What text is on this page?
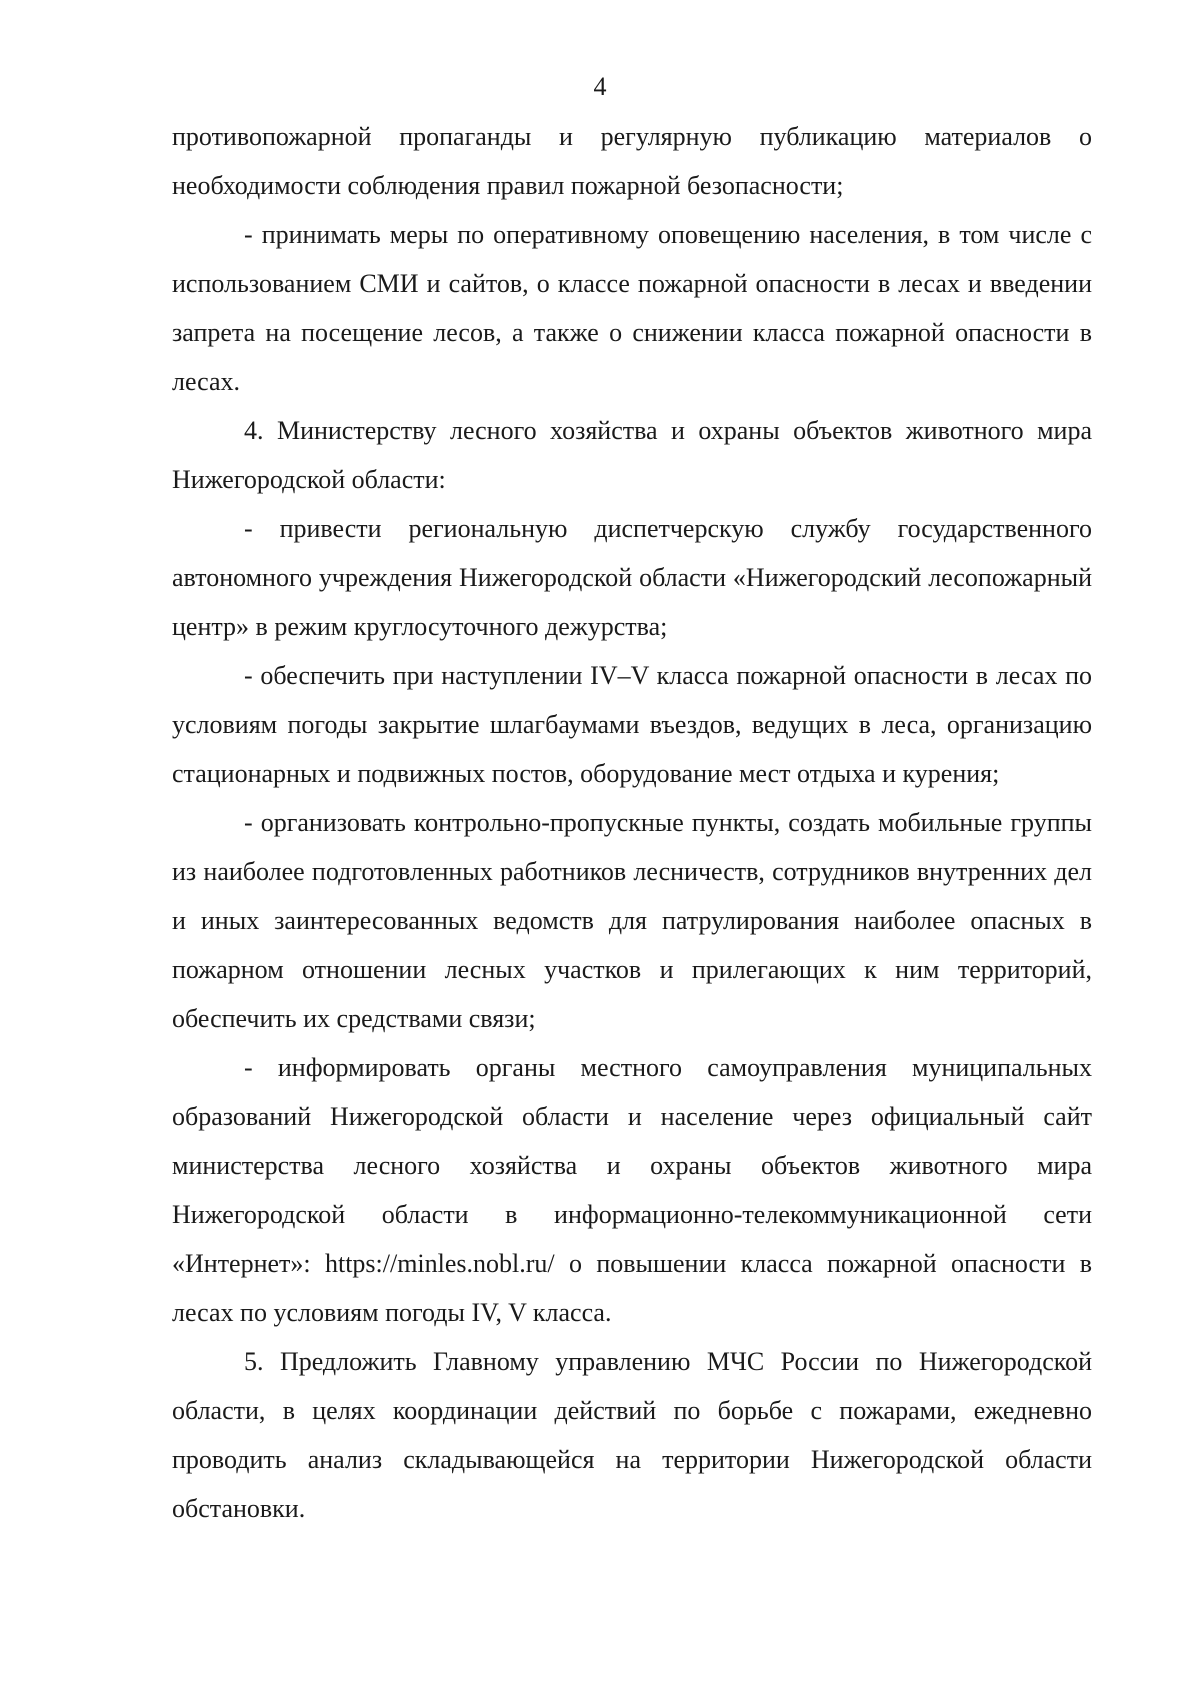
4

противопожарной пропаганды и регулярную публикацию материалов о необходимости соблюдения правил пожарной безопасности;

- принимать меры по оперативному оповещению населения, в том числе с использованием СМИ и сайтов, о классе пожарной опасности в лесах и введении запрета на посещение лесов, а также о снижении класса пожарной опасности в лесах.

4. Министерству лесного хозяйства и охраны объектов животного мира Нижегородской области:

- привести региональную диспетчерскую службу государственного автономного учреждения Нижегородской области «Нижегородский лесопожарный центр» в режим круглосуточного дежурства;

- обеспечить при наступлении IV–V класса пожарной опасности в лесах по условиям погоды закрытие шлагбаумами въездов, ведущих в леса, организацию стационарных и подвижных постов, оборудование мест отдыха и курения;

- организовать контрольно-пропускные пункты, создать мобильные группы из наиболее подготовленных работников лесничеств, сотрудников внутренних дел и иных заинтересованных ведомств для патрулирования наиболее опасных в пожарном отношении лесных участков и прилегающих к ним территорий, обеспечить их средствами связи;

- информировать органы местного самоуправления муниципальных образований Нижегородской области и население через официальный сайт министерства лесного хозяйства и охраны объектов животного мира Нижегородской области в информационно-телекоммуникационной сети «Интернет»: https://minles.nobl.ru/ о повышении класса пожарной опасности в лесах по условиям погоды IV, V класса.

5. Предложить Главному управлению МЧС России по Нижегородской области, в целях координации действий по борьбе с пожарами, ежедневно проводить анализ складывающейся на территории Нижегородской области обстановки.
